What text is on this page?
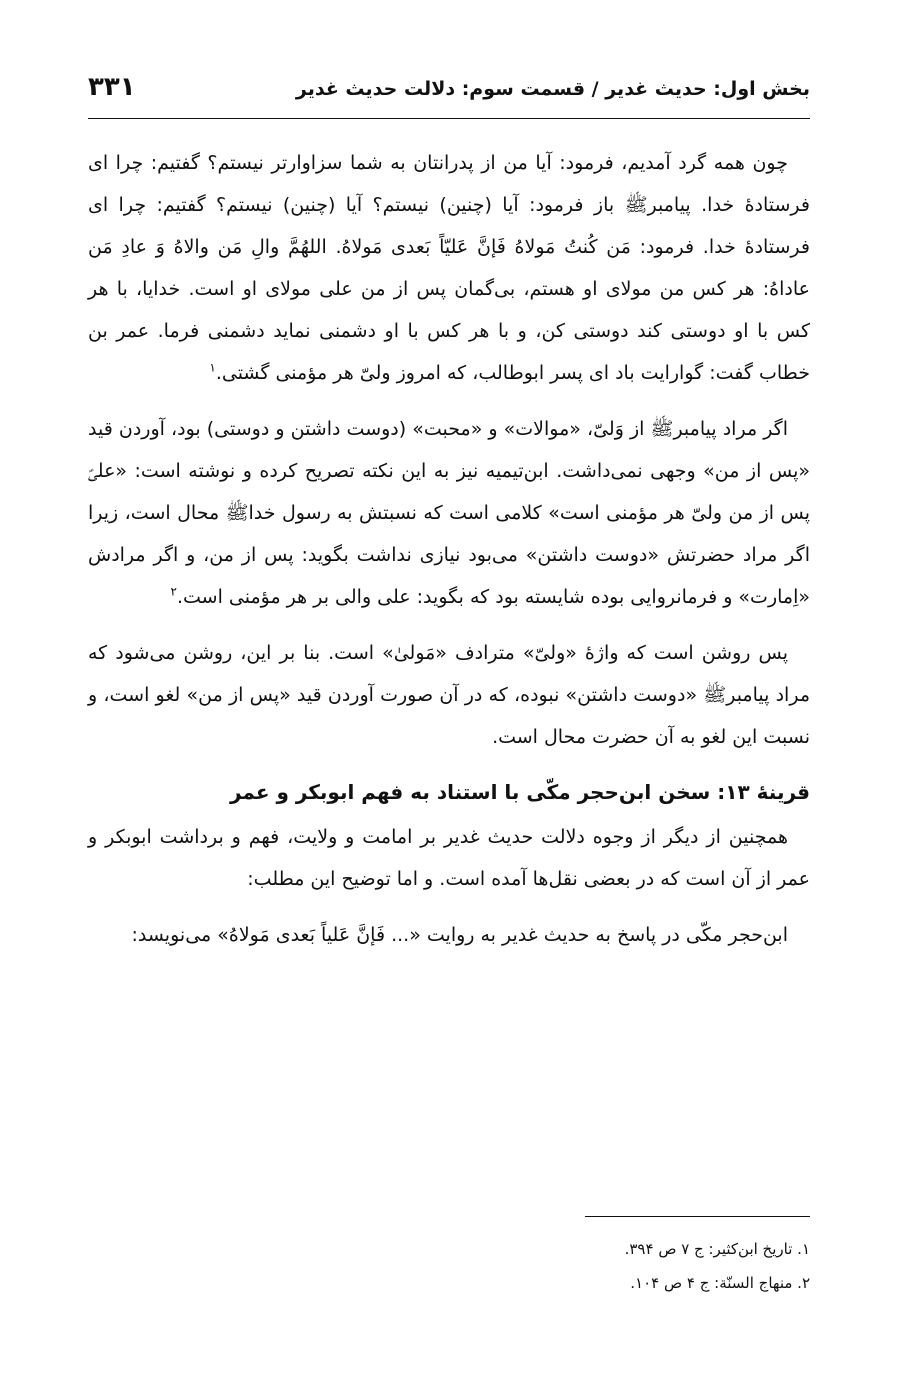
بخش اول: حدیث غدیر / قسمت سوم: دلالت حدیث غدیر
۳۳۱

چون همه گرد آمدیم، فرمود: آیا من از پدرانتان به شما سزاوارتر نیستم؟ گفتیم: چرا ای فرستادهٔ خدا. پیامبرﷺ باز فرمود: آیا (چنین) نیستم؟ آیا (چنین) نیستم؟ گفتیم: چرا ای فرستادهٔ خدا. فرمود: مَن کُنتُ مَولاهُ فَإنَّ عَلیّاً بَعدی مَولاهُ. اللهُمَّ والِ مَن والاهُ وَ عادِ مَن عاداهُ: هر کس من مولای او هستم، بی‌گمان پس از من علی مولای او است. خدایا، با هر کس با او دوستی کند دوستی کن، و با هر کس با او دشمنی نماید دشمنی فرما. عمر بن خطاب گفت: گوارایت باد ای پسر ابوطالب، که امروز ولیّ هر مؤمنی گشتی.$^۱$

اگر مراد پیامبرﷺ از وَلیّ، «موالات» و «محبت» (دوست داشتن و دوستی) بود، آوردن قید «پس از من» وجهی نمی‌داشت. ابن‌تیمیه نیز به این نکته تصریح کرده و نوشته است: «علیؑ پس از من ولیّ هر مؤمنی است» کلامی است که نسبتش به رسول خداﷺ محال است، زیرا اگر مراد حضرتش «دوست داشتن» می‌بود نیازی نداشت بگوید: پس از من، و اگر مرادش «اِمارت» و فرمانروایی بوده شایسته بود که بگوید: علی والی بر هر مؤمنی است.$^۲$

پس روشن است که واژهٔ «ولیّ» مترادف «مَولیٰ» است. بنا بر این، روشن می‌شود که مراد پیامبرﷺ «دوست داشتن» نبوده، که در آن صورت آوردن قید «پس از من» لغو است، و نسبت این لغو به آن حضرت محال است.

قرینهٔ ۱۳: سخن ابن‌حجر مکّی با استناد به فهم ابوبکر و عمر

همچنین از دیگر از وجوه دلالت حدیث غدیر بر امامت و ولایت، فهم و برداشت ابوبکر و عمر از آن است که در بعضی نقل‌ها آمده است. و اما توضیح این مطلب:

ابن‌حجر مکّی در پاسخ به حدیث غدیر به روایت «... فَإنَّ عَلیاً بَعدی مَولاهُ» می‌نویسد:

۱. تاریخ ابن‌کثیر: ج ۷ ص ۳۹۴.
۲. منهاج السنّة: ج ۴ ص ۱۰۴.
